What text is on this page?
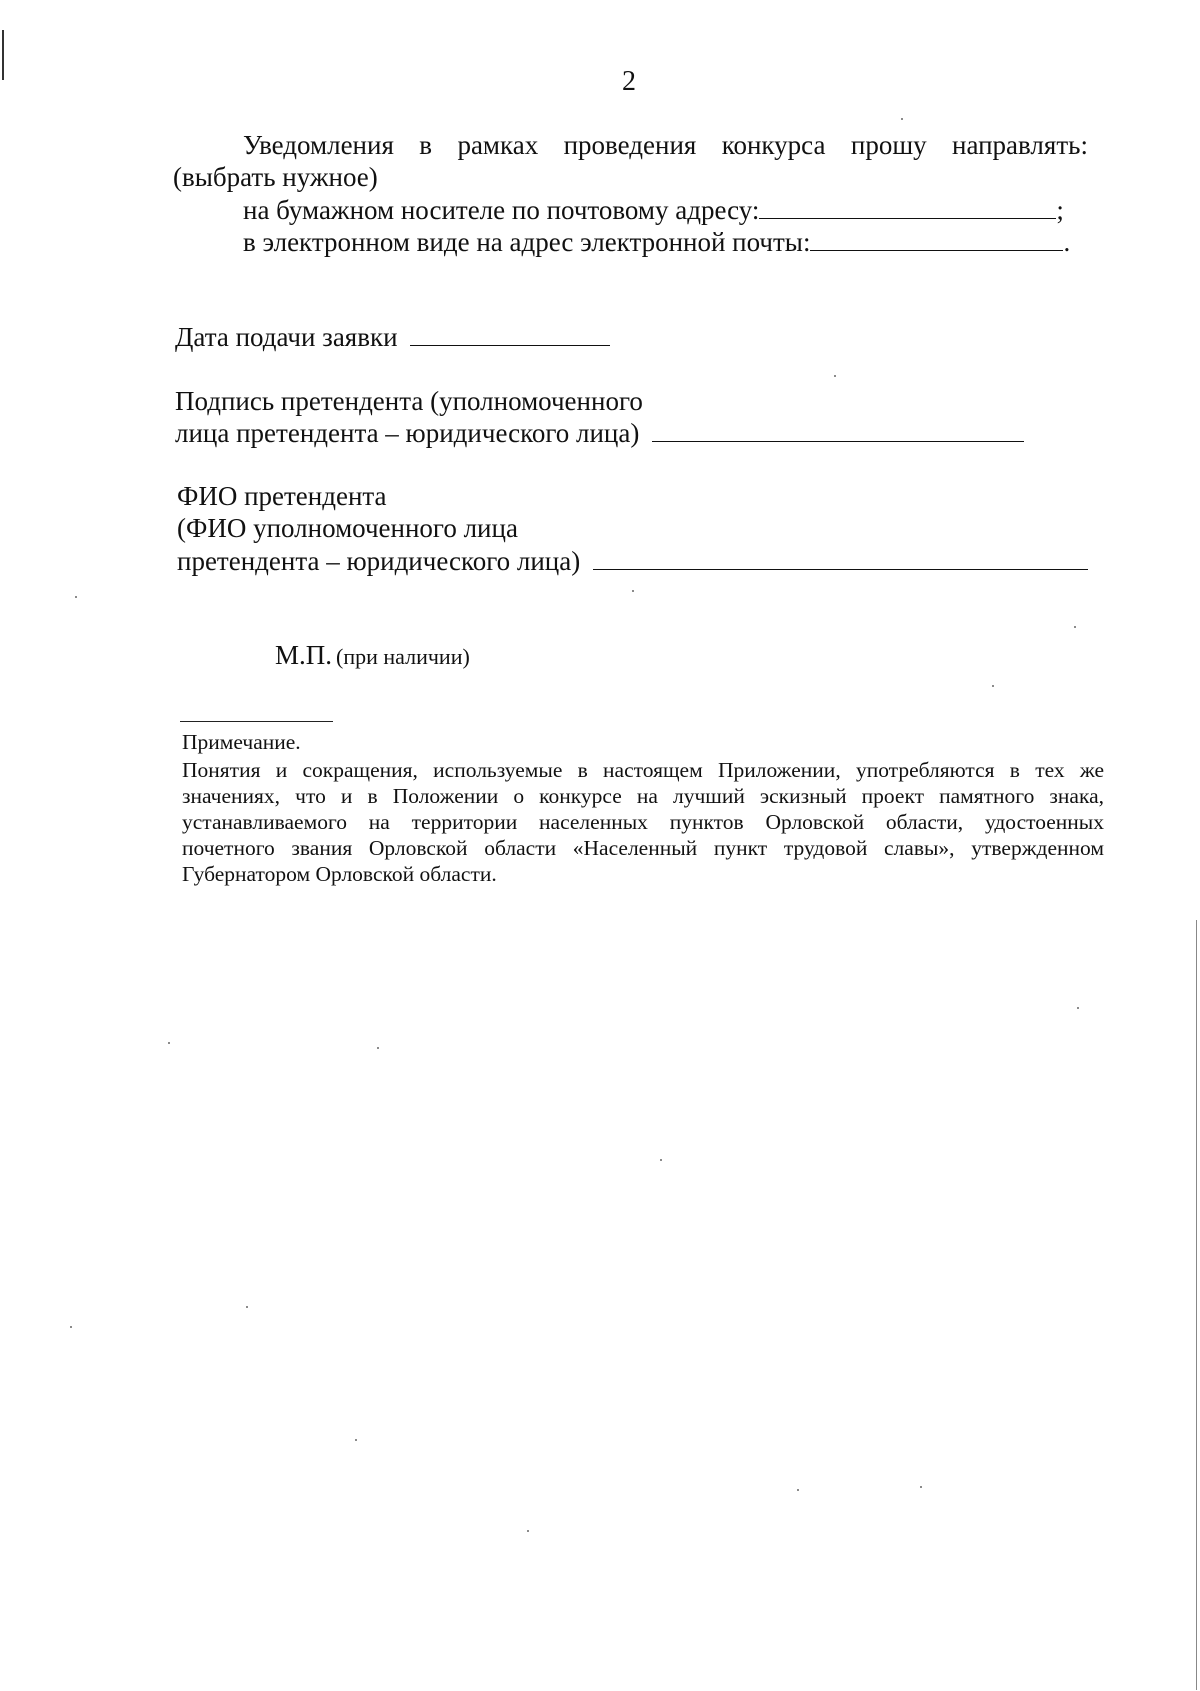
2
Уведомления в рамках проведения конкурса прошу направлять:
(выбрать нужное)
на бумажном носителе по почтовому адресу:	;
в электронном виде на адрес электронной почты:	.
Дата подачи заявки
Подпись претендента (уполномоченного
лица претендента – юридического лица)
ФИО претендента
(ФИО уполномоченного лица
претендента – юридического лица)
М.П. (при наличии)
Примечание.
Понятия и сокращения, используемые в настоящем Приложении, употребляются в тех же
значениях, что и в Положении о конкурсе на лучший эскизный проект памятного знака,
устанавливаемого на территории населенных пунктов Орловской области, удостоенных
почетного звания Орловской области «Населенный пункт трудовой славы», утвержденном
Губернатором Орловской области.
